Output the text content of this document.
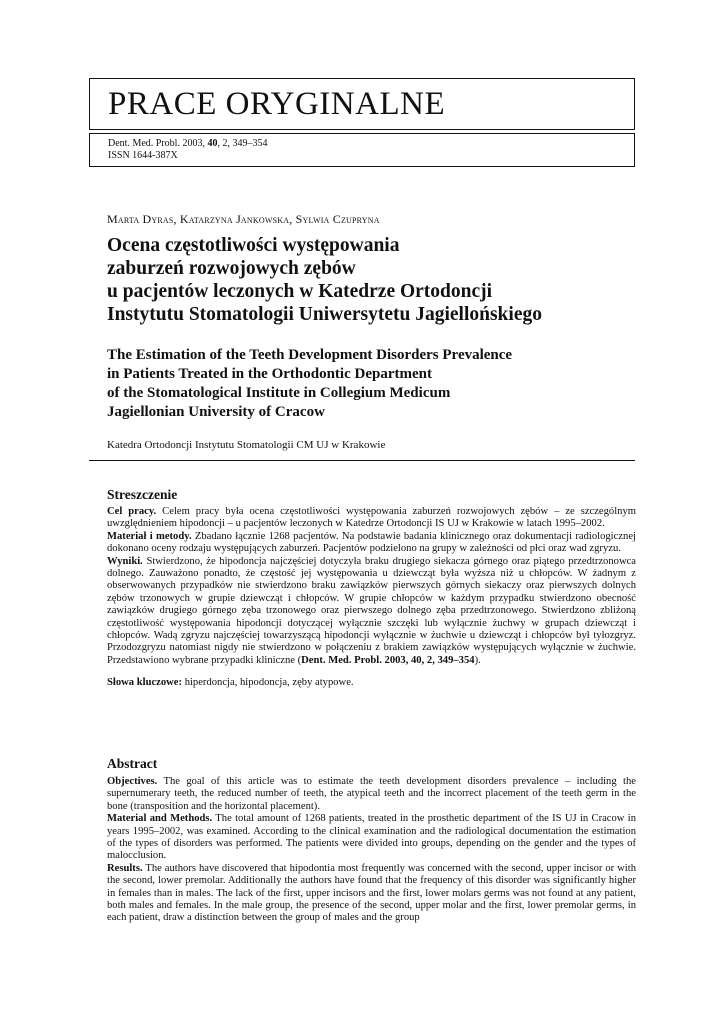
PRACE ORYGINALNE
Dent. Med. Probl. 2003, 40, 2, 349–354
ISSN 1644-387X
Marta Dyras, Katarzyna Jankowska, Sylwia Czupryna
Ocena częstotliwości występowania
zaburzeń rozwojowych zębów
u pacjentów leczonych w Katedrze Ortodoncji
Instytutu Stomatologii Uniwersytetu Jagiellońskiego
The Estimation of the Teeth Development Disorders Prevalence
in Patients Treated in the Orthodontic Department
of the Stomatological Institute in Collegium Medicum
Jagiellonian University of Cracow
Katedra Ortodoncji Instytutu Stomatologii CM UJ w Krakowie
Streszczenie

Cel pracy. Celem pracy była ocena częstotliwości występowania zaburzeń rozwojowych zębów – ze szczególnym uwzględnieniem hipodoncji – u pacjentów leczonych w Katedrze Ortodoncji IS UJ w Krakowie w latach 1995–2002.

Materiał i metody. Zbadano łącznie 1268 pacjentów. Na podstawie badania klinicznego oraz dokumentacji radiologicznej dokonano oceny rodzaju występujących zaburzeń. Pacjentów podzielono na grupy w zależności od płci oraz wad zgryzu.

Wyniki. Stwierdzono, że hipodoncja najczęściej dotyczyła braku drugiego siekacza górnego oraz piątego przedtrzonowca dolnego. Zauważono ponadto, że częstość jej występowania u dziewcząt była wyższa niż u chłopców. W żadnym z obserwowanych przypadków nie stwierdzono braku zawiązków pierwszych górnych siekaczy oraz pierwszych dolnych zębów trzonowych w grupie dziewcząt i chłopców. W grupie chłopców w każdym przypadku stwierdzono obecność zawiązków drugiego górnego zęba trzonowego oraz pierwszego dolnego zęba przedtrzonowego. Stwierdzono zbliżoną częstotliwość występowania hipodoncji dotyczącej wyłącznie szczęki lub wyłącznie żuchwy w grupach dziewcząt i chłopców. Wadą zgryzu najczęściej towarzyszącą hipodoncji wyłącznie w żuchwie u dziewcząt i chłopców był tyłozgryz. Przodozgryzu natomiast nigdy nie stwierdzono w połączeniu z brakiem zawiązków występujących wyłącznie w żuchwie. Przedstawiono wybrane przypadki kliniczne (Dent. Med. Probl. 2003, 40, 2, 349–354).

Słowa kluczowe: hiperdoncja, hipodoncja, zęby atypowe.

Abstract

Objectives. The goal of this article was to estimate the teeth development disorders prevalence – including the supernumerary teeth, the reduced number of teeth, the atypical teeth and the incorrect placement of the teeth germ in the bone (transposition and the horizontal placement).

Material and Methods. The total amount of 1268 patients, treated in the prosthetic department of the IS UJ in Cracow in years 1995–2002, was examined. According to the clinical examination and the radiological documentation the estimation of the types of disorders was performed. The patients were divided into groups, depending on the gender and the types of malocclusion.

Results. The authors have discovered that hipodontia most frequently was concerned with the second, upper incisor or with the second, lower premolar. Additionally the authors have found that the frequency of this disorder was significantly higher in females than in males. The lack of the first, upper incisors and the first, lower molars germs was not found at any patient, both males and females. In the male group, the presence of the second, upper molar and the first, lower premolar germs, in each patient, draw a distinction between the group of males and the group
